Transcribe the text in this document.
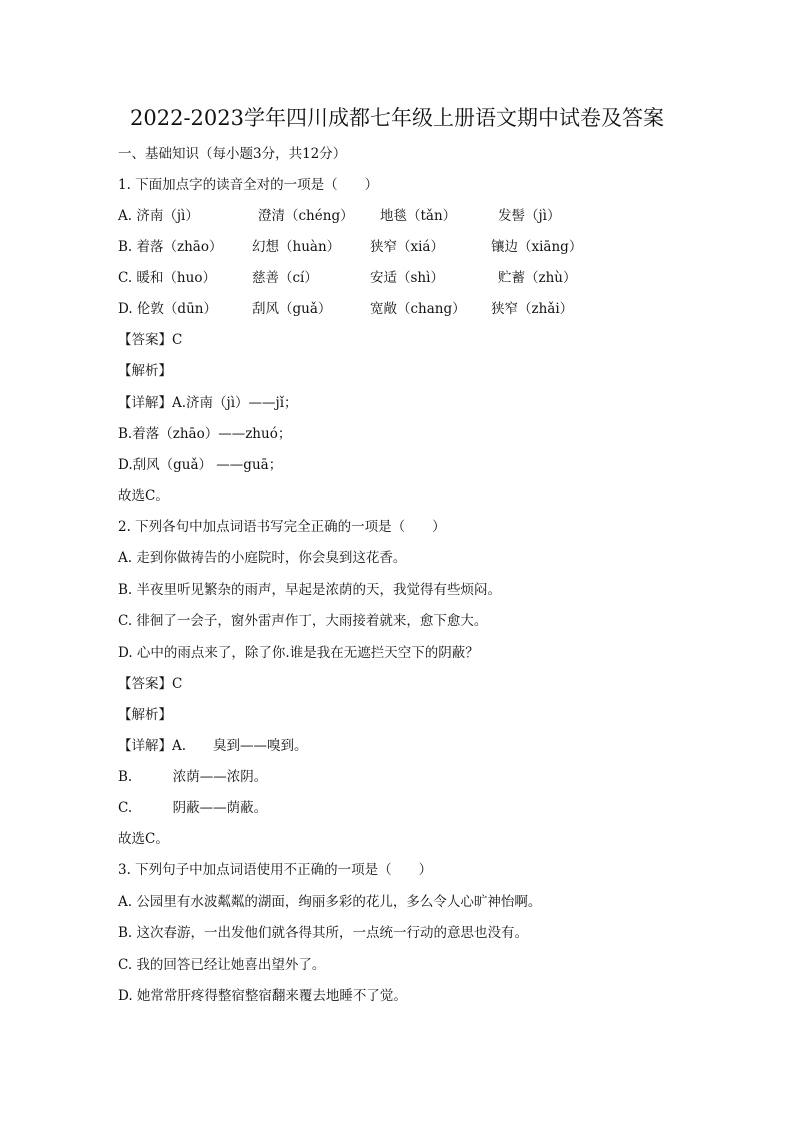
2022-2023学年四川成都七年级上册语文期中试卷及答案
一、基础知识（每小题3分，共12分）
1. 下面加点字的读音全对的一项是（　　）
A. 济南（jì）	澄清（chéng） 地毯（tǎn）	发髻（jì）
B. 着落（zhāo） 幻想（huàn） 狭窄（xiá）	镶边（xiāng）
C. 暖和（huo）	慈善（cí）	安适（shì）	贮蓄（zhù）
D. 伦敦（dūn）	刮风（guǎ）	宽敞（chang） 狭窄（zhǎi）
【答案】C
【解析】
【详解】A.济南（jì）——jǐ；
B.着落（zhāo）——zhuó；
D.刮风（guǎ） ——guā；
故选C。
2. 下列各句中加点词语书写完全正确的一项是（　　）
A. 走到你做祷告的小庭院时，你会臭到这花香。
B. 半夜里听见繁杂的雨声，早起是浓荫的天，我觉得有些烦闷。
C. 徘徊了一会子，窗外雷声作丁，大雨接着就来，愈下愈大。
D. 心中的雨点来了，除了你.谁是我在无遮拦天空下的阴蔽？
【答案】C
【解析】
【详解】A.　　臭到——嗅到。
B.　　　浓荫——浓阴。
C.　　　阴蔽——荫蔽。
故选C。
3. 下列句子中加点词语使用不正确的一项是（　　）
A. 公园里有水波粼粼的湖面，绚丽多彩的花儿，多么令人心旷神怡啊。
B. 这次春游，一出发他们就各得其所，一点统一行动的意思也没有。
C. 我的回答已经让她喜出望外了。
D. 她常常肝疼得整宿整宿翻来覆去地睡不了觉。
